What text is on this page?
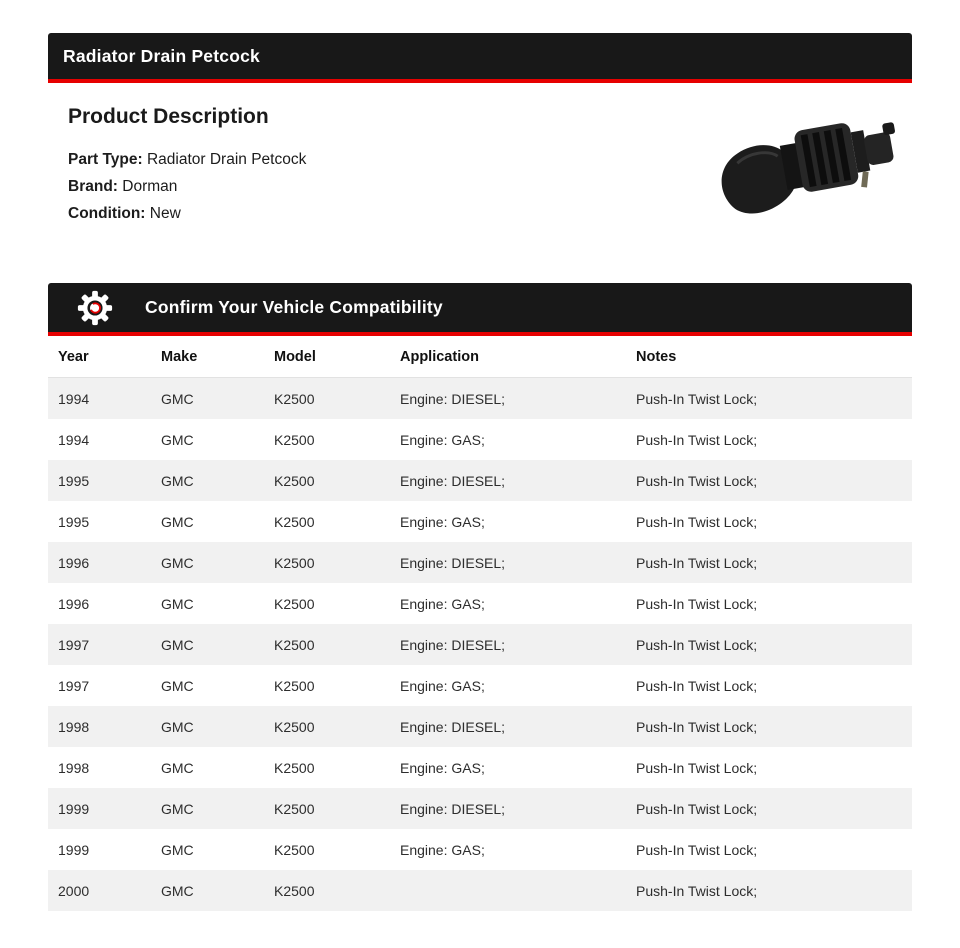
Radiator Drain Petcock
Product Description

Part Type: Radiator Drain Petcock

Brand: Dorman

Condition: New

Confirm Your Vehicle Compatibility
Year	Make	Model	Application	Notes
1994	GMC	K2500	Engine: DIESEL;	Push-In Twist Lock;
1994	GMC	K2500	Engine: GAS;	Push-In Twist Lock;
1995	GMC	K2500	Engine: DIESEL;	Push-In Twist Lock;
1995	GMC	K2500	Engine: GAS;	Push-In Twist Lock;
1996	GMC	K2500	Engine: DIESEL;	Push-In Twist Lock;
1996	GMC	K2500	Engine: GAS;	Push-In Twist Lock;
1997	GMC	K2500	Engine: DIESEL;	Push-In Twist Lock;
1997	GMC	K2500	Engine: GAS;	Push-In Twist Lock;
1998	GMC	K2500	Engine: DIESEL;	Push-In Twist Lock;
1998	GMC	K2500	Engine: GAS;	Push-In Twist Lock;
1999	GMC	K2500	Engine: DIESEL;	Push-In Twist Lock;
1999	GMC	K2500	Engine: GAS;	Push-In Twist Lock;
2000	GMC	K2500		Push-In Twist Lock;
